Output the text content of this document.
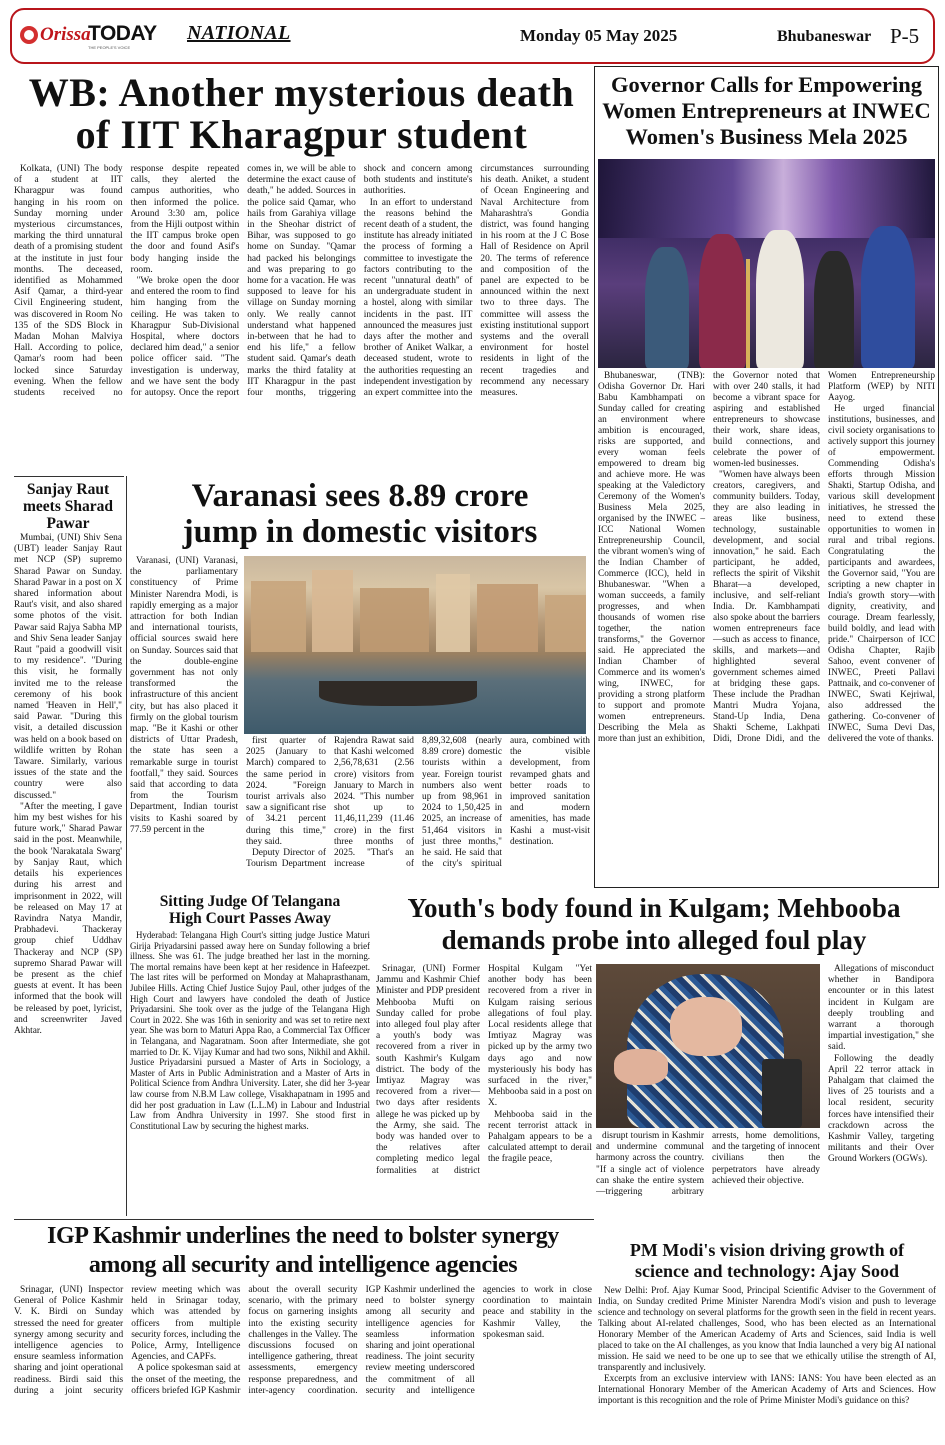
Orissa
TODAY
THE PEOPLE'S VOICE
NATIONAL	Monday 05 May 2025	Bhubaneswar P-5
WB: Another mysterious death
of IIT Kharagpur student

Kolkata, (UNI) The body of a student at IIT Kharagpur was found hanging in his room on Sunday morning under mysterious circumstances, marking the third unnatural death of a promising student at the institute in just four months. The deceased, identified as Mohammed Asif Qamar, a third-year Civil Engineering student, was discovered in Room No 135 of the SDS Block in Madan Mohan Malviya Hall. According to police, Qamar's room had been locked since Saturday evening. When the fellow students received no response despite repeated calls, they alerted the campus authorities, who then informed the police. Around 3:30 am, police from the Hijli outpost within the IIT campus broke open the door and found Asif's body hanging inside the room.

"We broke open the door and entered the room to find him hanging from the ceiling. He was taken to Kharagpur Sub-Divisional Hospital, where doctors declared him dead," a senior police officer said. "The investigation is underway, and we have sent the body for autopsy. Once the report comes in, we will be able to determine the exact cause of death," he added. Sources in the police said Qamar, who hails from Garahiya village in the Sheohar district of Bihar, was supposed to go home on Sunday. "Qamar had packed his belongings and was preparing to go home for a vacation. He was supposed to leave for his village on Sunday morning only. We really cannot understand what happened in-between that he had to end his life," a fellow student said. Qamar's death marks the third fatality at IIT Kharagpur in the past four months, triggering shock and concern among both students and institute's authorities.

In an effort to understand the reasons behind the recent death of a student, the institute has already initiated the process of forming a committee to investigate the factors contributing to the recent "unnatural death" of an undergraduate student in a hostel, along with similar incidents in the past. IIT announced the measures just days after the mother and brother of Aniket Walkar, a deceased student, wrote to the authorities requesting an independent investigation by an expert committee into the circumstances surrounding his death. Aniket, a student of Ocean Engineering and Naval Architecture from Maharashtra's Gondia district, was found hanging in his room at the J C Bose Hall of Residence on April 20. The terms of reference and composition of the panel are expected to be announced within the next two to three days. The committee will assess the existing institutional support systems and the overall environment for hostel residents in light of the recent tragedies and recommend any necessary measures.

Governor Calls for Empowering
Women Entrepreneurs at INWEC
Women's Business Mela 2025

Bhubaneswar, (TNB): Odisha Governor Dr. Hari Babu Kambhampati on Sunday called for creating an environment where ambition is encouraged, risks are supported, and every woman feels empowered to dream big and achieve more. He was speaking at the Valedictory Ceremony of the Women's Business Mela 2025, organised by the INWEC – ICC National Women Entrepreneurship Council, the vibrant women's wing of the Indian Chamber of Commerce (ICC), held in Bhubaneswar. "When a woman succeeds, a family progresses, and when thousands of women rise together, the nation transforms," the Governor said. He appreciated the Indian Chamber of Commerce and its women's wing, INWEC, for providing a strong platform to support and promote women entrepreneurs. Describing the Mela as more than just an exhibition, the Governor noted that with over 240 stalls, it had become a vibrant space for aspiring and established entrepreneurs to showcase their work, share ideas, build connections, and celebrate the power of women-led businesses.

"Women have always been creators, caregivers, and community builders. Today, they are also leading in areas like business, technology, sustainable development, and social innovation," he said. Each participant, he added, reflects the spirit of Vikshit Bharat—a developed, inclusive, and self-reliant India. Dr. Kambhampati also spoke about the barriers women entrepreneurs face—such as access to finance, skills, and markets—and highlighted several government schemes aimed at bridging these gaps. These include the Pradhan Mantri Mudra Yojana, Stand-Up India, Dena Shakti Scheme, Lakhpati Didi, Drone Didi, and the Women Entrepreneurship Platform (WEP) by NITI Aayog.

He urged financial institutions, businesses, and civil society organisations to actively support this journey of empowerment. Commending Odisha's efforts through Mission Shakti, Startup Odisha, and various skill development initiatives, he stressed the need to extend these opportunities to women in rural and tribal regions. Congratulating the participants and awardees, the Governor said, "You are scripting a new chapter in India's growth story—with dignity, creativity, and courage. Dream fearlessly, build boldly, and lead with pride." Chairperson of ICC Odisha Chapter, Rajib Sahoo, event convener of INWEC, Preeti Pallavi Pattnaik, and co-convener of INWEC, Swati Kejriwal, also addressed the gathering. Co-convener of INWEC, Suma Devi Das, delivered the vote of thanks.

Sanjay Raut meets Sharad Pawar

Mumbai, (UNI) Shiv Sena (UBT) leader Sanjay Raut met NCP (SP) supremo Sharad Pawar on Sunday. Sharad Pawar in a post on X shared information about Raut's visit, and also shared some photos of the visit. Pawar said Rajya Sabha MP and Shiv Sena leader Sanjay Raut "paid a goodwill visit to my residence". "During this visit, he formally invited me to the release ceremony of his book named 'Heaven in Hell'," said Pawar. "During this visit, a detailed discussion was held on a book based on wildlife written by Rohan Taware. Similarly, various issues of the state and the country were also discussed."

"After the meeting, I gave him my best wishes for his future work," Sharad Pawar said in the post. Meanwhile, the book 'Narakatala Swarg' by Sanjay Raut, which details his experiences during his arrest and imprisonment in 2022, will be released on May 17 at Ravindra Natya Mandir, Prabhadevi. Thackeray group chief Uddhav Thackeray and NCP (SP) supremo Sharad Pawar will be present as the chief guests at event. It has been informed that the book will be released by poet, lyricist, and screenwriter Javed Akhtar.

Varanasi sees 8.89 crore
jump in domestic visitors

Varanasi, (UNI) Varanasi, the parliamentary constituency of Prime Minister Narendra Modi, is rapidly emerging as a major attraction for both Indian and international tourists, official sources swaid here on Sunday. Sources said that the double-engine government has not only transformed the infrastructure of this ancient city, but has also placed it firmly on the global tourism map. "Be it Kashi or other districts of Uttar Pradesh, the state has seen a remarkable surge in tourist footfall," they said. Sources said that according to data from the Tourism Department, Indian tourist visits to Kashi soared by 77.59 percent in the

first quarter of 2025 (January to March) compared to the same period in 2024. "Foreign tourist arrivals also saw a significant rise of 34.21 percent during this time," they said.

Deputy Director of Tourism Department Rajendra Rawat said that Kashi welcomed 2,56,78,631 (2.56 crore) visitors from January to March in 2024. "This number shot up to 11,46,11,239 (11.46 crore) in the first three months of 2025. "That's an increase of 8,89,32,608 (nearly 8.89 crore) domestic tourists within a year. Foreign tourist numbers also went up from 98,961 in 2024 to 1,50,425 in 2025, an increase of 51,464 visitors in just three months," he said. He said that the city's spiritual aura, combined with the visible development, from revamped ghats and better roads to improved sanitation and modern amenities, has made Kashi a must-visit destination.

Sitting Judge Of Telangana
High Court Passes Away

Hyderabad: Telangana High Court's sitting judge Justice Maturi Girija Priyadarsini passed away here on Sunday following a brief illness. She was 61. The judge breathed her last in the morning. The mortal remains have been kept at her residence in Hafeezpet. The last rites will be performed on Monday at Mahaprasthanam, Jubilee Hills. Acting Chief Justice Sujoy Paul, other judges of the High Court and lawyers have condoled the death of Justice Priyadarsini. She took over as the judge of the Telangana High Court in 2022. She was 16th in seniority and was set to retire next year. She was born to Maturi Appa Rao, a Commercial Tax Officer in Telangana, and Nagaratnam. Soon after Intermediate, she got married to Dr. K. Vijay Kumar and had two sons, Nikhil and Akhil. Justice Priyadarsini pursued a Master of Arts in Sociology, a Master of Arts in Public Administration and a Master of Arts in Political Science from Andhra University. Later, she did her 3-year law course from N.B.M Law college, Visakhapatnam in 1995 and did her post graduation in Law (L.L.M) in Labour and Industrial Law from Andhra University in 1997. She stood first in Constitutional Law by securing the highest marks.

Youth's body found in Kulgam; Mehbooba
demands probe into alleged foul play

Srinagar, (UNI) Former Jammu and Kashmir Chief Minister and PDP president Mehbooba Mufti on Sunday called for probe into alleged foul play after a youth's body was recovered from a river in south Kashmir's Kulgam district. The body of the Imtiyaz Magray was recovered from a river—two days after residents allege he was picked up by the Army, she said. The body was handed over to the relatives after completing medico legal formalities at district Hospital Kulgam "Yet another body has been recovered from a river in Kulgam raising serious allegations of foul play. Local residents allege that Imtiyaz Magray was picked up by the army two days ago and now mysteriously his body has surfaced in the river," Mehbooba said in a post on X.

Mehbooba said in the recent terrorist attack in Pahalgam appears to be a calculated attempt to derail the fragile peace,

disrupt tourism in Kashmir and undermine communal harmony across the country. "If a single act of violence can shake the entire system—triggering arbitrary arrests, home demolitions, and the targeting of innocent civilians then the perpetrators have already achieved their objective.

Allegations of misconduct whether in Bandipora encounter or in this latest incident in Kulgam are deeply troubling and warrant a thorough impartial investigation," she said.

Following the deadly April 22 terror attack in Pahalgam that claimed the lives of 25 tourists and a local resident, security forces have intensified their crackdown across the Kashmir Valley, targeting militants and their Over Ground Workers (OGWs).

IGP Kashmir underlines the need to bolster synergy
among all security and intelligence agencies

Srinagar, (UNI) Inspector General of Police Kashmir V. K. Birdi on Sunday stressed the need for greater synergy among security and intelligence agencies to ensure seamless information sharing and joint operational readiness. Birdi said this during a joint security review meeting which was held in Srinagar today, which was attended by officers from multiple security forces, including the Police, Army, Intelligence Agencies, and CAPFs.

A police spokesman said at the onset of the meeting, the officers briefed IGP Kashmir about the overall security scenario, with the primary focus on garnering insights into the existing security challenges in the Valley. The discussions focused on intelligence gathering, threat assessments, emergency response preparedness, and inter-agency coordination. IGP Kashmir underlined the need to bolster synergy among all security and intelligence agencies for seamless information sharing and joint operational readiness. The joint security review meeting underscored the commitment of all security and intelligence agencies to work in close coordination to maintain peace and stability in the Kashmir Valley, the spokesman said.

PM Modi's vision driving growth of
science and technology: Ajay Sood

New Delhi: Prof. Ajay Kumar Sood, Principal Scientific Adviser to the Government of India, on Sunday credited Prime Minister Narendra Modi's vision and push to leverage science and technology on several platforms for the growth seen in the field in recent years. Talking about AI-related challenges, Sood, who has been elected as an International Honorary Member of the American Academy of Arts and Sciences, said India is well placed to take on the AI challenges, as you know that India launched a very big AI national mission. He said we need to be one up to see that we ethically utilise the strength of AI, transparently and inclusively.

Excerpts from an exclusive interview with IANS: IANS: You have been elected as an International Honorary Member of the American Academy of Arts and Sciences. How important is this recognition and the role of Prime Minister Modi's guidance on this?
